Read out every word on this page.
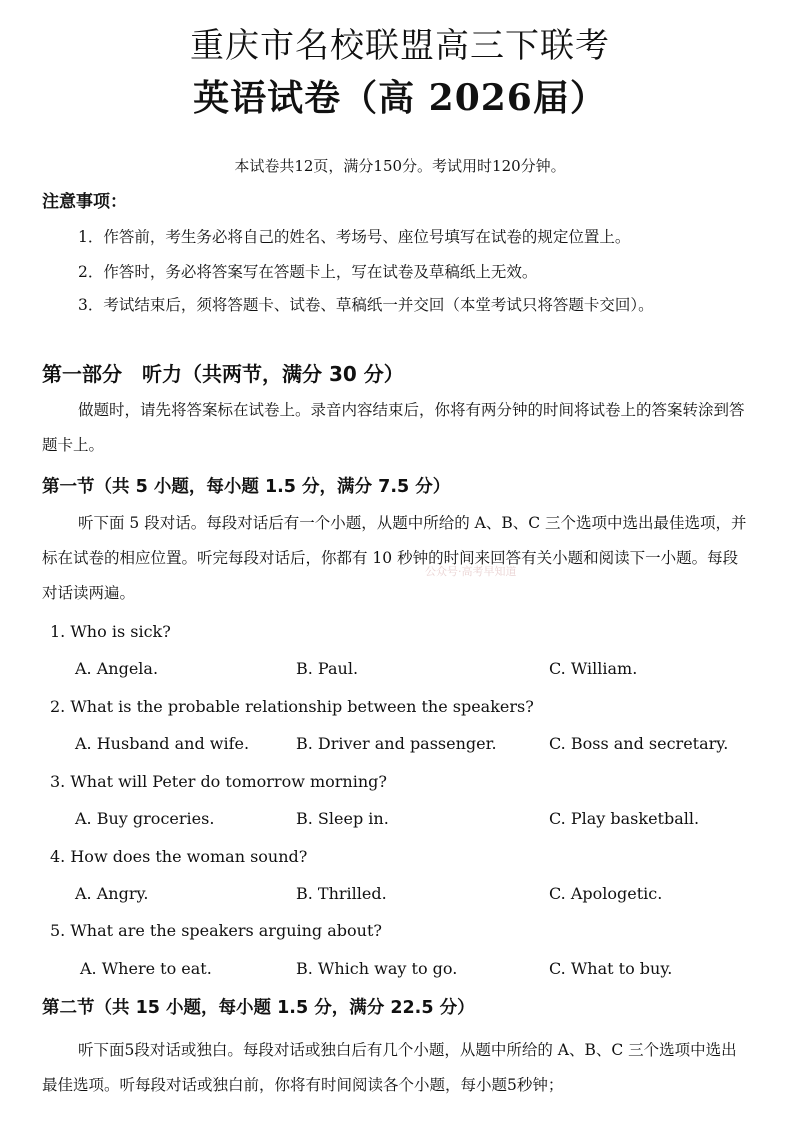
重庆市名校联盟高三下联考
英语试卷（高 2026届）
本试卷共12页，满分150分。考试用时120分钟。
注意事项：
1．作答前，考生务必将自己的姓名、考场号、座位号填写在试卷的规定位置上。
2．作答时，务必将答案写在答题卡上，写在试卷及草稿纸上无效。
3．考试结束后，须将答题卡、试卷、草稿纸一并交回（本堂考试只将答题卡交回）。
第一部分　听力（共两节，满分 30 分）
做题时，请先将答案标在试卷上。录音内容结束后，你将有两分钟的时间将试卷上的答案转涂到答题卡上。
第一节（共 5 小题，每小题 1.5 分，满分 7.5 分）
听下面 5 段对话。每段对话后有一个小题，从题中所给的 A、B、C 三个选项中选出最佳选项，并标在试卷的相应位置。听完每段对话后，你都有 10 秒钟的时间来回答有关小题和阅读下一小题。每段对话读两遍。
公众号·高考早知道
1. Who is sick?
A. Angela.	B. Paul.	C. William.
2. What is the probable relationship between the speakers?
A. Husband and wife.	B. Driver and passenger.	C. Boss and secretary.
3. What will Peter do tomorrow morning?
A. Buy groceries.	B. Sleep in.	C. Play basketball.
4. How does the woman sound?
A. Angry.	B. Thrilled.	C. Apologetic.
5. What are the speakers arguing about?
A. Where to eat.	B. Which way to go.	C. What to buy.
第二节（共 15 小题，每小题 1.5 分，满分 22.5 分）
听下面5段对话或独白。每段对话或独白后有几个小题，从题中所给的 A、B、C 三个选项中选出最佳选项。听每段对话或独白前，你将有时间阅读各个小题，每小题5秒钟；
